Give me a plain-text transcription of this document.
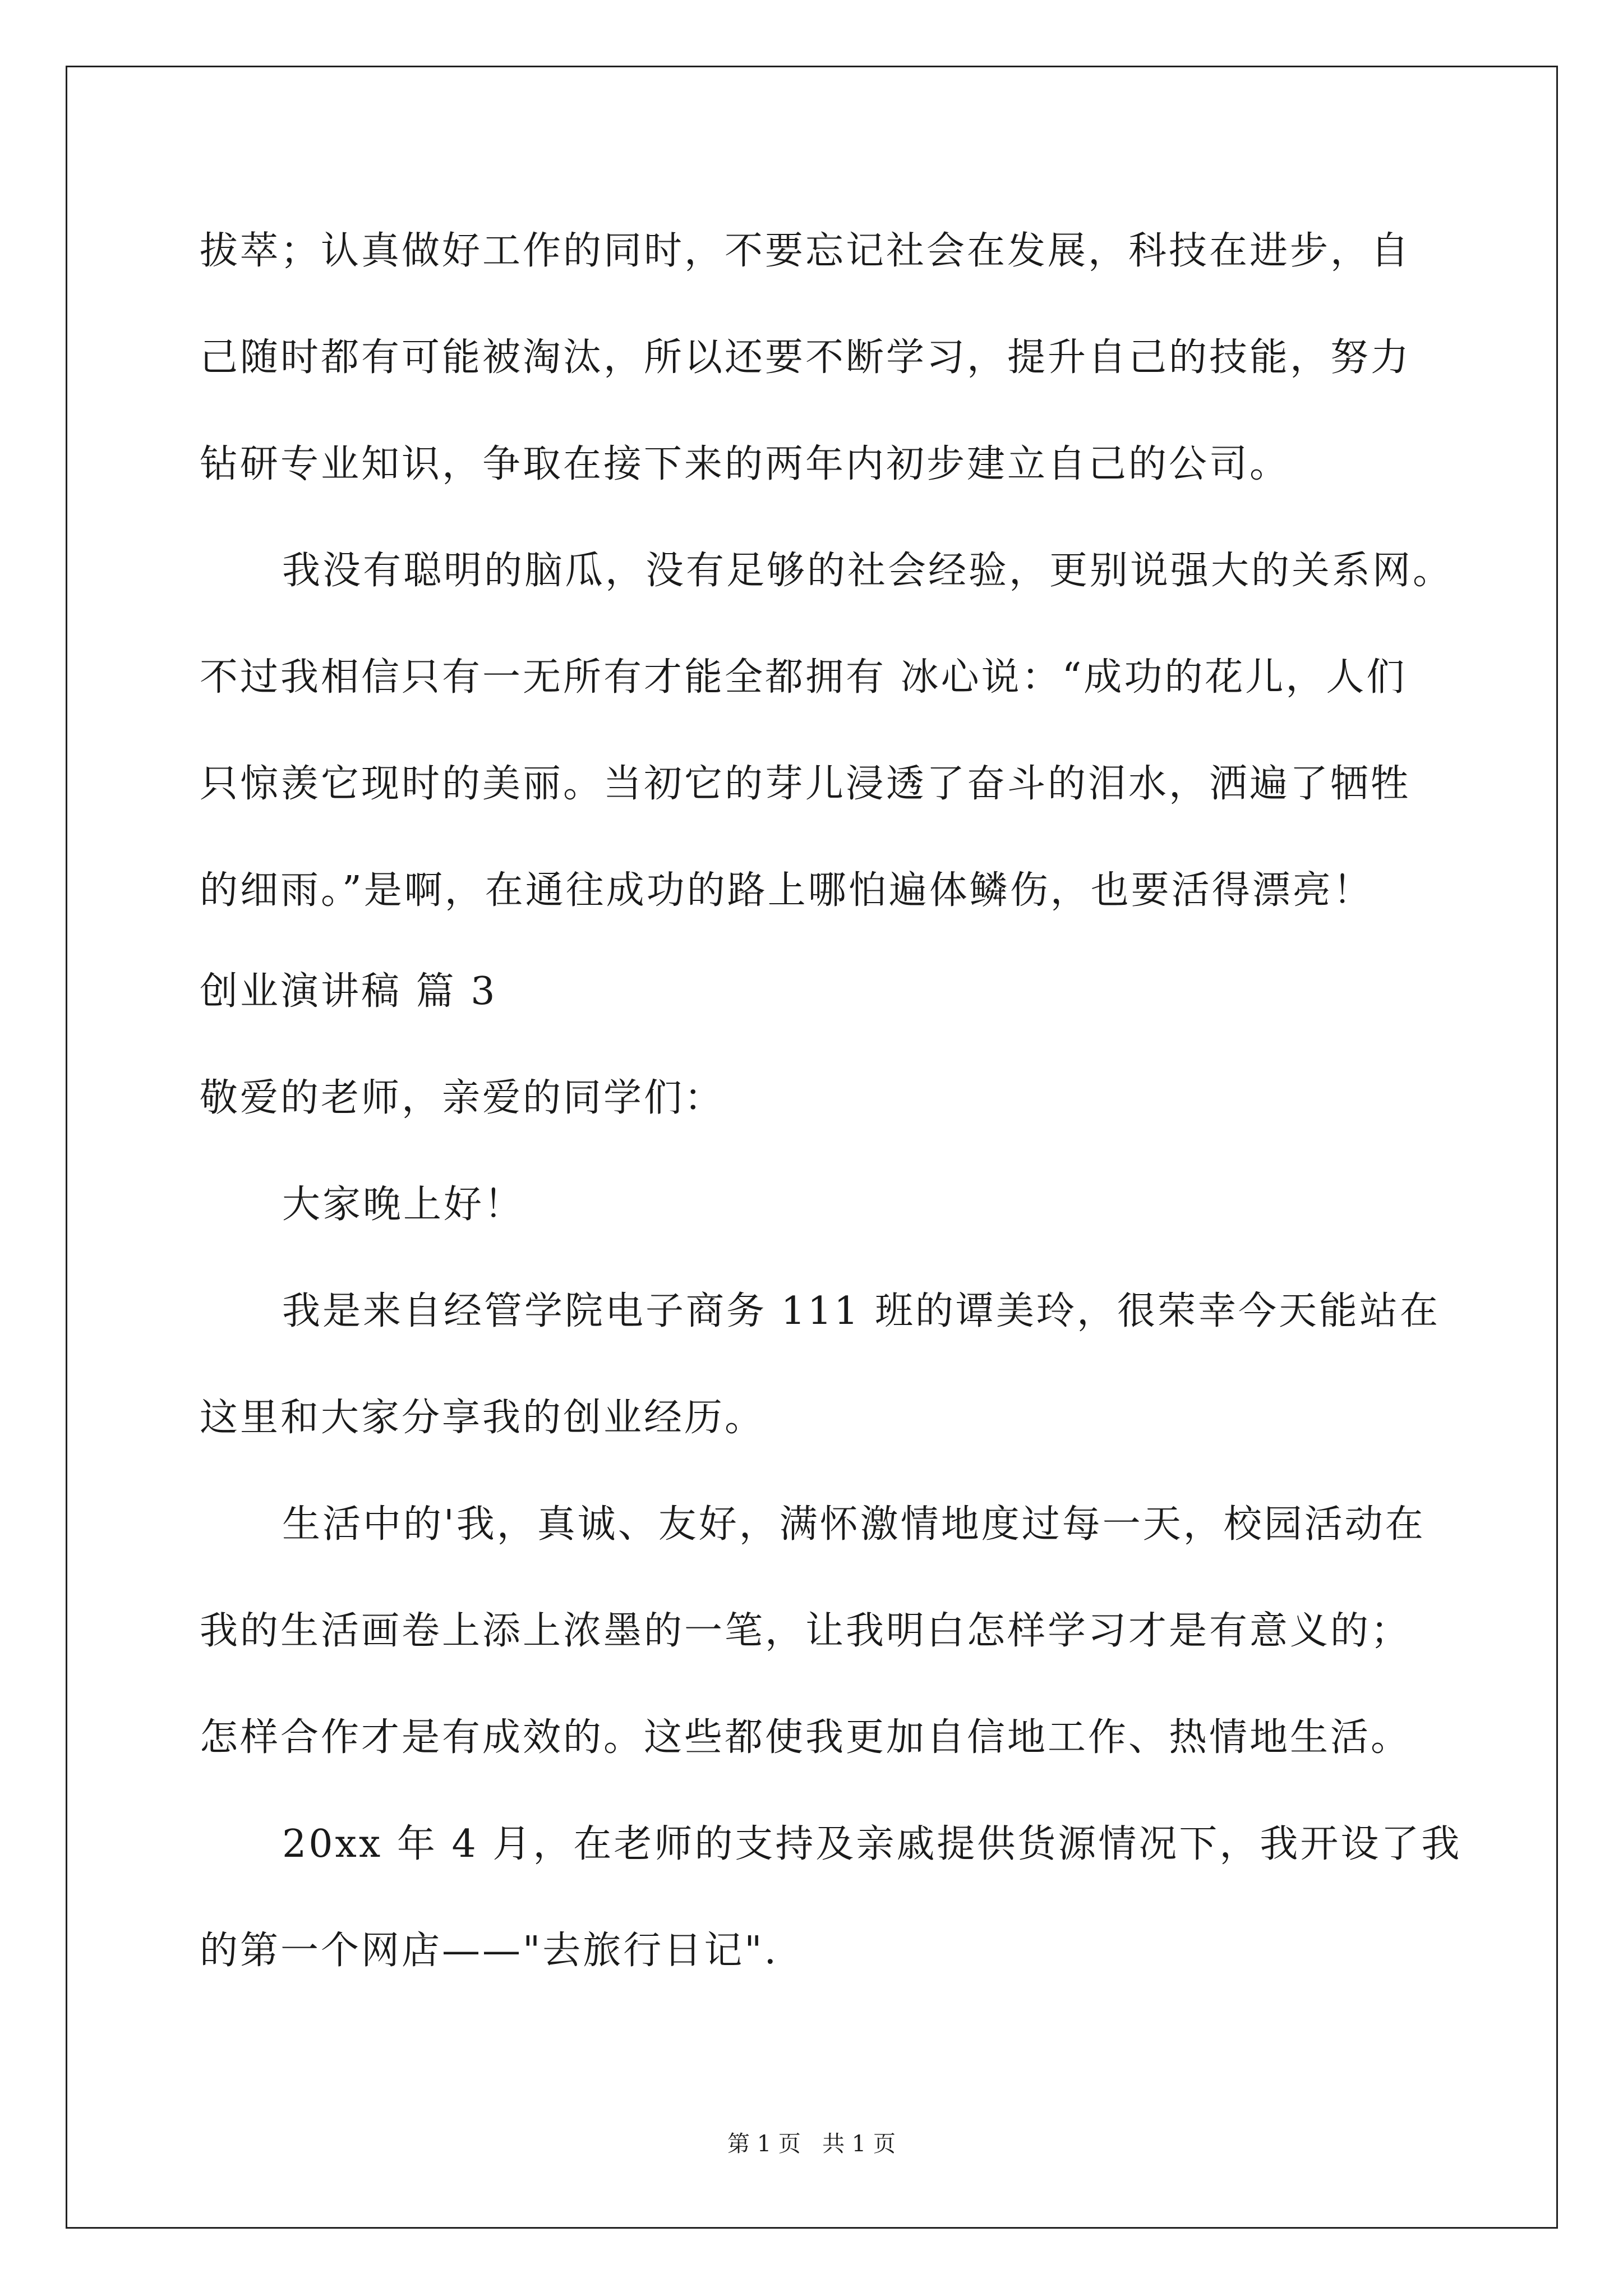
拔萃；认真做好工作的同时，不要忘记社会在发展，科技在进步，自
己随时都有可能被淘汰，所以还要不断学习，提升自己的技能，努力
钻研专业知识，争取在接下来的两年内初步建立自己的公司。
我没有聪明的脑瓜，没有足够的社会经验，更别说强大的关系网。
不过我相信只有一无所有才能全都拥有 冰心说：“成功的花儿，人们
只惊羡它现时的美丽。当初它的芽儿浸透了奋斗的泪水，洒遍了牺牲
的细雨。”是啊，在通往成功的路上哪怕遍体鳞伤，也要活得漂亮！
创业演讲稿 篇 3
敬爱的老师，亲爱的同学们：
大家晚上好！
我是来自经管学院电子商务 111 班的谭美玲，很荣幸今天能站在
这里和大家分享我的创业经历。
生活中的'我，真诚、友好，满怀激情地度过每一天，校园活动在
我的生活画卷上添上浓墨的一笔，让我明白怎样学习才是有意义的；
怎样合作才是有成效的。这些都使我更加自信地工作、热情地生活。
20xx 年 4 月，在老师的支持及亲戚提供货源情况下，我开设了我
的第一个网店——"去旅行日记".
第 1 页   共 1 页
